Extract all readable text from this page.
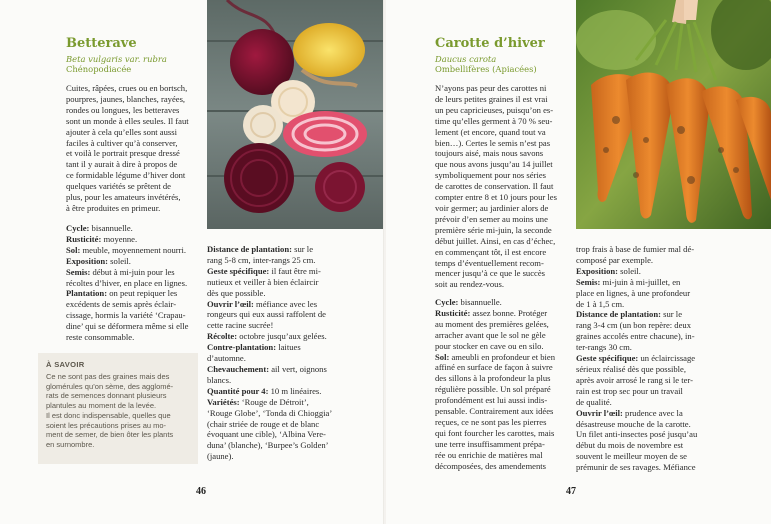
Betterave
Beta vulgaris var. rubra
Chénopodiacée

Cuites, râpées, crues ou en bortsch,

pourpres, jaunes, blanches, rayées,

rondes ou longues, les betteraves

sont un monde à elles seules. Il faut

ajouter à cela qu’elles sont aussi

faciles à cultiver qu’à conserver,

et voilà le portrait presque dressé

tant il y aurait à dire à propos de

ce formidable légume d’hiver dont

quelques variétés se prêtent de

plus, pour les amateurs invétérés,

à être produites en primeur.

Cycle: bisannuelle.

Rusticité: moyenne.

Sol: meuble, moyennement nourri.

Exposition: soleil.

Semis: début à mi-juin pour les

récoltes d’hiver, en place en lignes.

Plantation: on peut repiquer les

excédents de semis après éclair-

cissage, hormis la variété ‘Crapau-

dine’ qui se déformera même si elle

reste consommable.

Distance de plantation: sur le

rang 5-8 cm, inter-rangs 25 cm.

Geste spécifique: il faut être mi-

nutieux et veiller à bien éclaircir

dès que possible.

Ouvrir l’œil: méfiance avec les

rongeurs qui eux aussi raffolent de

cette racine sucrée!

Récolte: octobre jusqu’aux gelées.

Contre-plantation: laitues

d’automne.

Chevauchement: ail vert, oignons

blancs.

Quantité pour 4: 10 m linéaires.

Variétés: ‘Rouge de Détroit’,

‘Rouge Globe’, ‘Tonda di Chioggia’

(chair striée de rouge et de blanc

évoquant une cible), ‘Albina Vere-

duna’ (blanche), ‘Burpee’s Golden’

(jaune).

À SAVOIR
Ce ne sont pas des graines mais des
glomérules qu’on sème, des agglomé-
rats de semences donnant plusieurs
plantules au moment de la levée.
Il est donc indispensable, quelles que
soient les précautions prises au mo-
ment de semer, de bien ôter les plants
en surnombre.
46
Carotte d’hiver
Daucus carota
Ombellifères (Apiacées)

N’ayons pas peur des carottes ni

de leurs petites graines il est vrai

un peu capricieuses, puisqu’on es-

time qu’elles germent à 70 % seu-

lement (et encore, quand tout va

bien…). Certes le semis n’est pas

toujours aisé, mais nous savons

que nous avons jusqu’au 14 juillet

symboliquement pour nos séries

de carottes de conservation. Il faut

compter entre 8 et 10 jours pour les

voir germer; au jardinier alors de

prévoir d’en semer au moins une

première série mi-juin, la seconde

début juillet. Ainsi, en cas d’échec,

en commençant tôt, il est encore

temps d’éventuellement recom-

mencer jusqu’à ce que le succès

soit au rendez-vous.

Cycle: bisannuelle.

Rusticité: assez bonne. Protéger

au moment des premières gelées,

arracher avant que le sol ne gèle

pour stocker en cave ou en silo.

Sol: ameubli en profondeur et bien

affiné en surface de façon à suivre

des sillons à la profondeur la plus

régulière possible. Un sol préparé

profondément est lui aussi indis-

pensable. Contrairement aux idées

reçues, ce ne sont pas les pierres

qui font fourcher les carottes, mais

une terre insuffisamment prépa-

rée ou enrichie de matières mal

décomposées, des amendements

trop frais à base de fumier mal dé-

composé par exemple.

Exposition: soleil.

Semis: mi-juin à mi-juillet, en

place en lignes, à une profondeur

de 1 à 1,5 cm.

Distance de plantation: sur le

rang 3-4 cm (un bon repère: deux

graines accolés entre chacune), in-

ter-rangs 30 cm.

Geste spécifique: un éclaircissage

sérieux réalisé dès que possible,

après avoir arrosé le rang si le ter-

rain est trop sec pour un travail

de qualité.

Ouvrir l’œil: prudence avec la

désastreuse mouche de la carotte.

Un filet anti-insectes posé jusqu’au

début du mois de novembre est

souvent le meilleur moyen de se

prémunir de ses ravages. Méfiance

47
